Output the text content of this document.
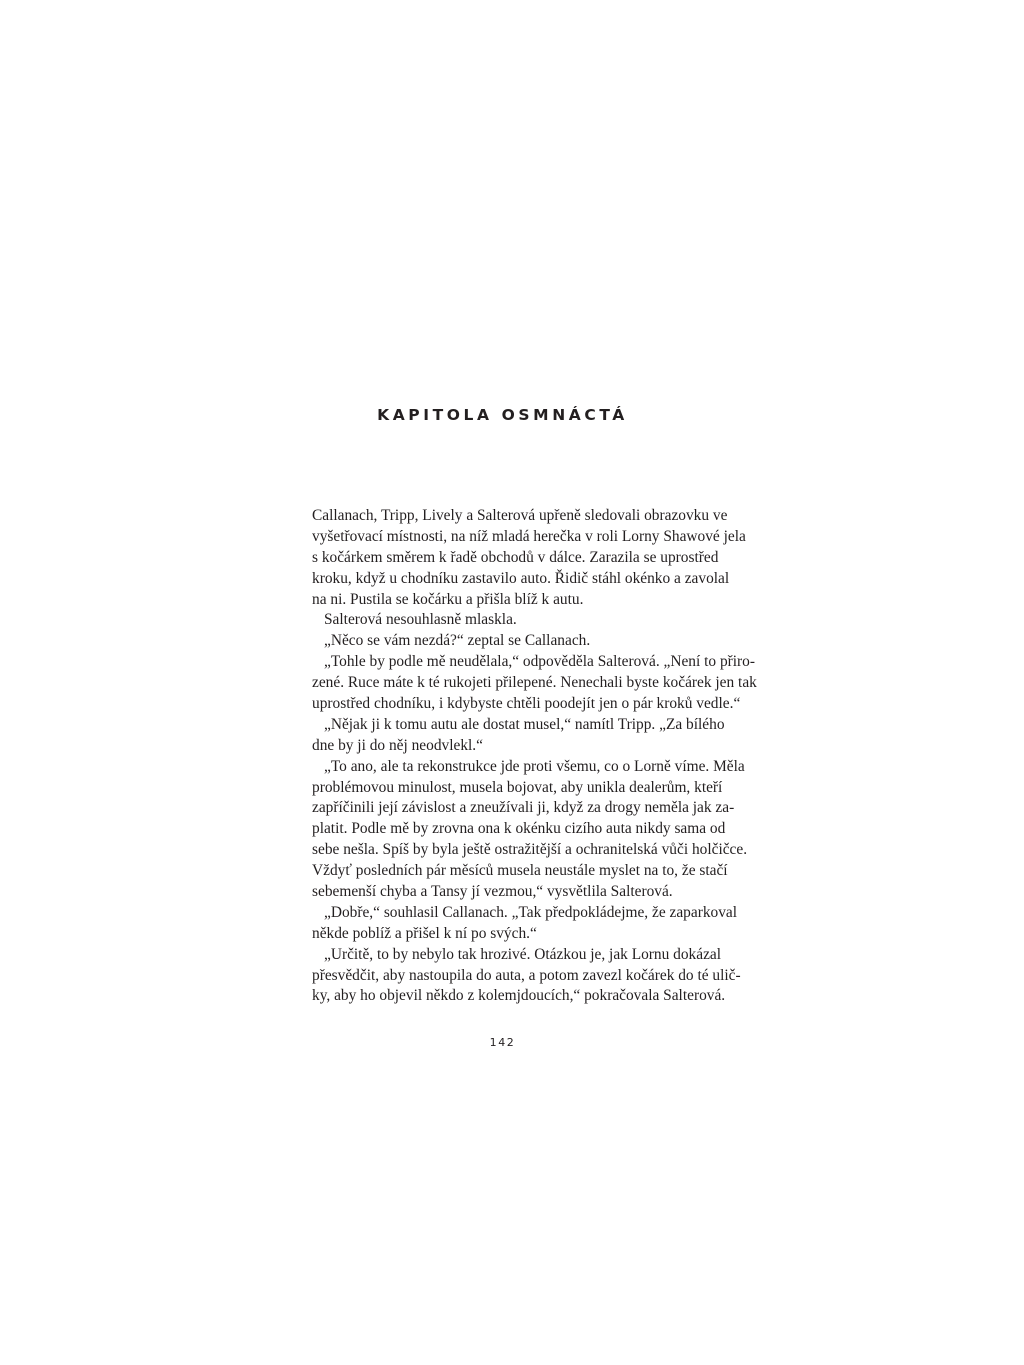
KAPITOLA OSMNÁCTÁ
Callanach, Tripp, Lively a Salterová upřeně sledovali obrazovku ve
vyšetřovací místnosti, na níž mladá herečka v roli Lorny Shawové jela
s kočárkem směrem k řadě obchodů v dálce. Zarazila se uprostřed
kroku, když u chodníku zastavilo auto. Řidič stáhl okénko a zavolal
na ni. Pustila se kočárku a přišla blíž k autu.
Salterová nesouhlasně mlaskla.
„Něco se vám nezdá?“ zeptal se Callanach.
„Tohle by podle mě neudělala,“ odpověděla Salterová. „Není to přiro-
zené. Ruce máte k té rukojeti přilepené. Nenechali byste kočárek jen tak
uprostřed chodníku, i kdybyste chtěli poodejít jen o pár kroků vedle.“
„Nějak ji k tomu autu ale dostat musel,“ namítl Tripp. „Za bílého
dne by ji do něj neodvlekl.“
„To ano, ale ta rekonstrukce jde proti všemu, co o Lorně víme. Měla
problémovou minulost, musela bojovat, aby unikla dealerům, kteří
zapříčinili její závislost a zneužívali ji, když za drogy neměla jak za-
platit. Podle mě by zrovna ona k okénku cizího auta nikdy sama od
sebe nešla. Spíš by byla ještě ostražitější a ochranitelská vůči holčičce.
Vždyť posledních pár měsíců musela neustále myslet na to, že stačí
sebemenší chyba a Tansy jí vezmou,“ vysvětlila Salterová.
„Dobře,“ souhlasil Callanach. „Tak předpokládejme, že zaparkoval
někde poblíž a přišel k ní po svých.“
„Určitě, to by nebylo tak hrozivé. Otázkou je, jak Lornu dokázal
přesvědčit, aby nastoupila do auta, a potom zavezl kočárek do té ulič-
ky, aby ho objevil někdo z kolemjdoucích,“ pokračovala Salterová.
142
